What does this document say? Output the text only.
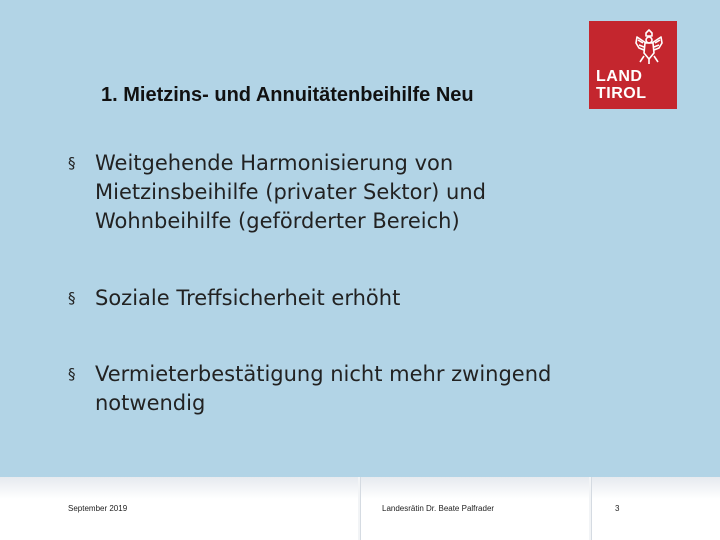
1. Mietzins- und Annuitätenbeihilfe Neu
LAND
TIROL
§ Weitgehende Harmonisierung von
Mietzinsbeihilfe (privater Sektor) und
Wohnbeihilfe (geförderter Bereich)
§ Soziale Treffsicherheit erhöht
§ Vermieterbestätigung nicht mehr zwingend
notwendig
September 2019	Landesrätin Dr. Beate Palfrader	3
